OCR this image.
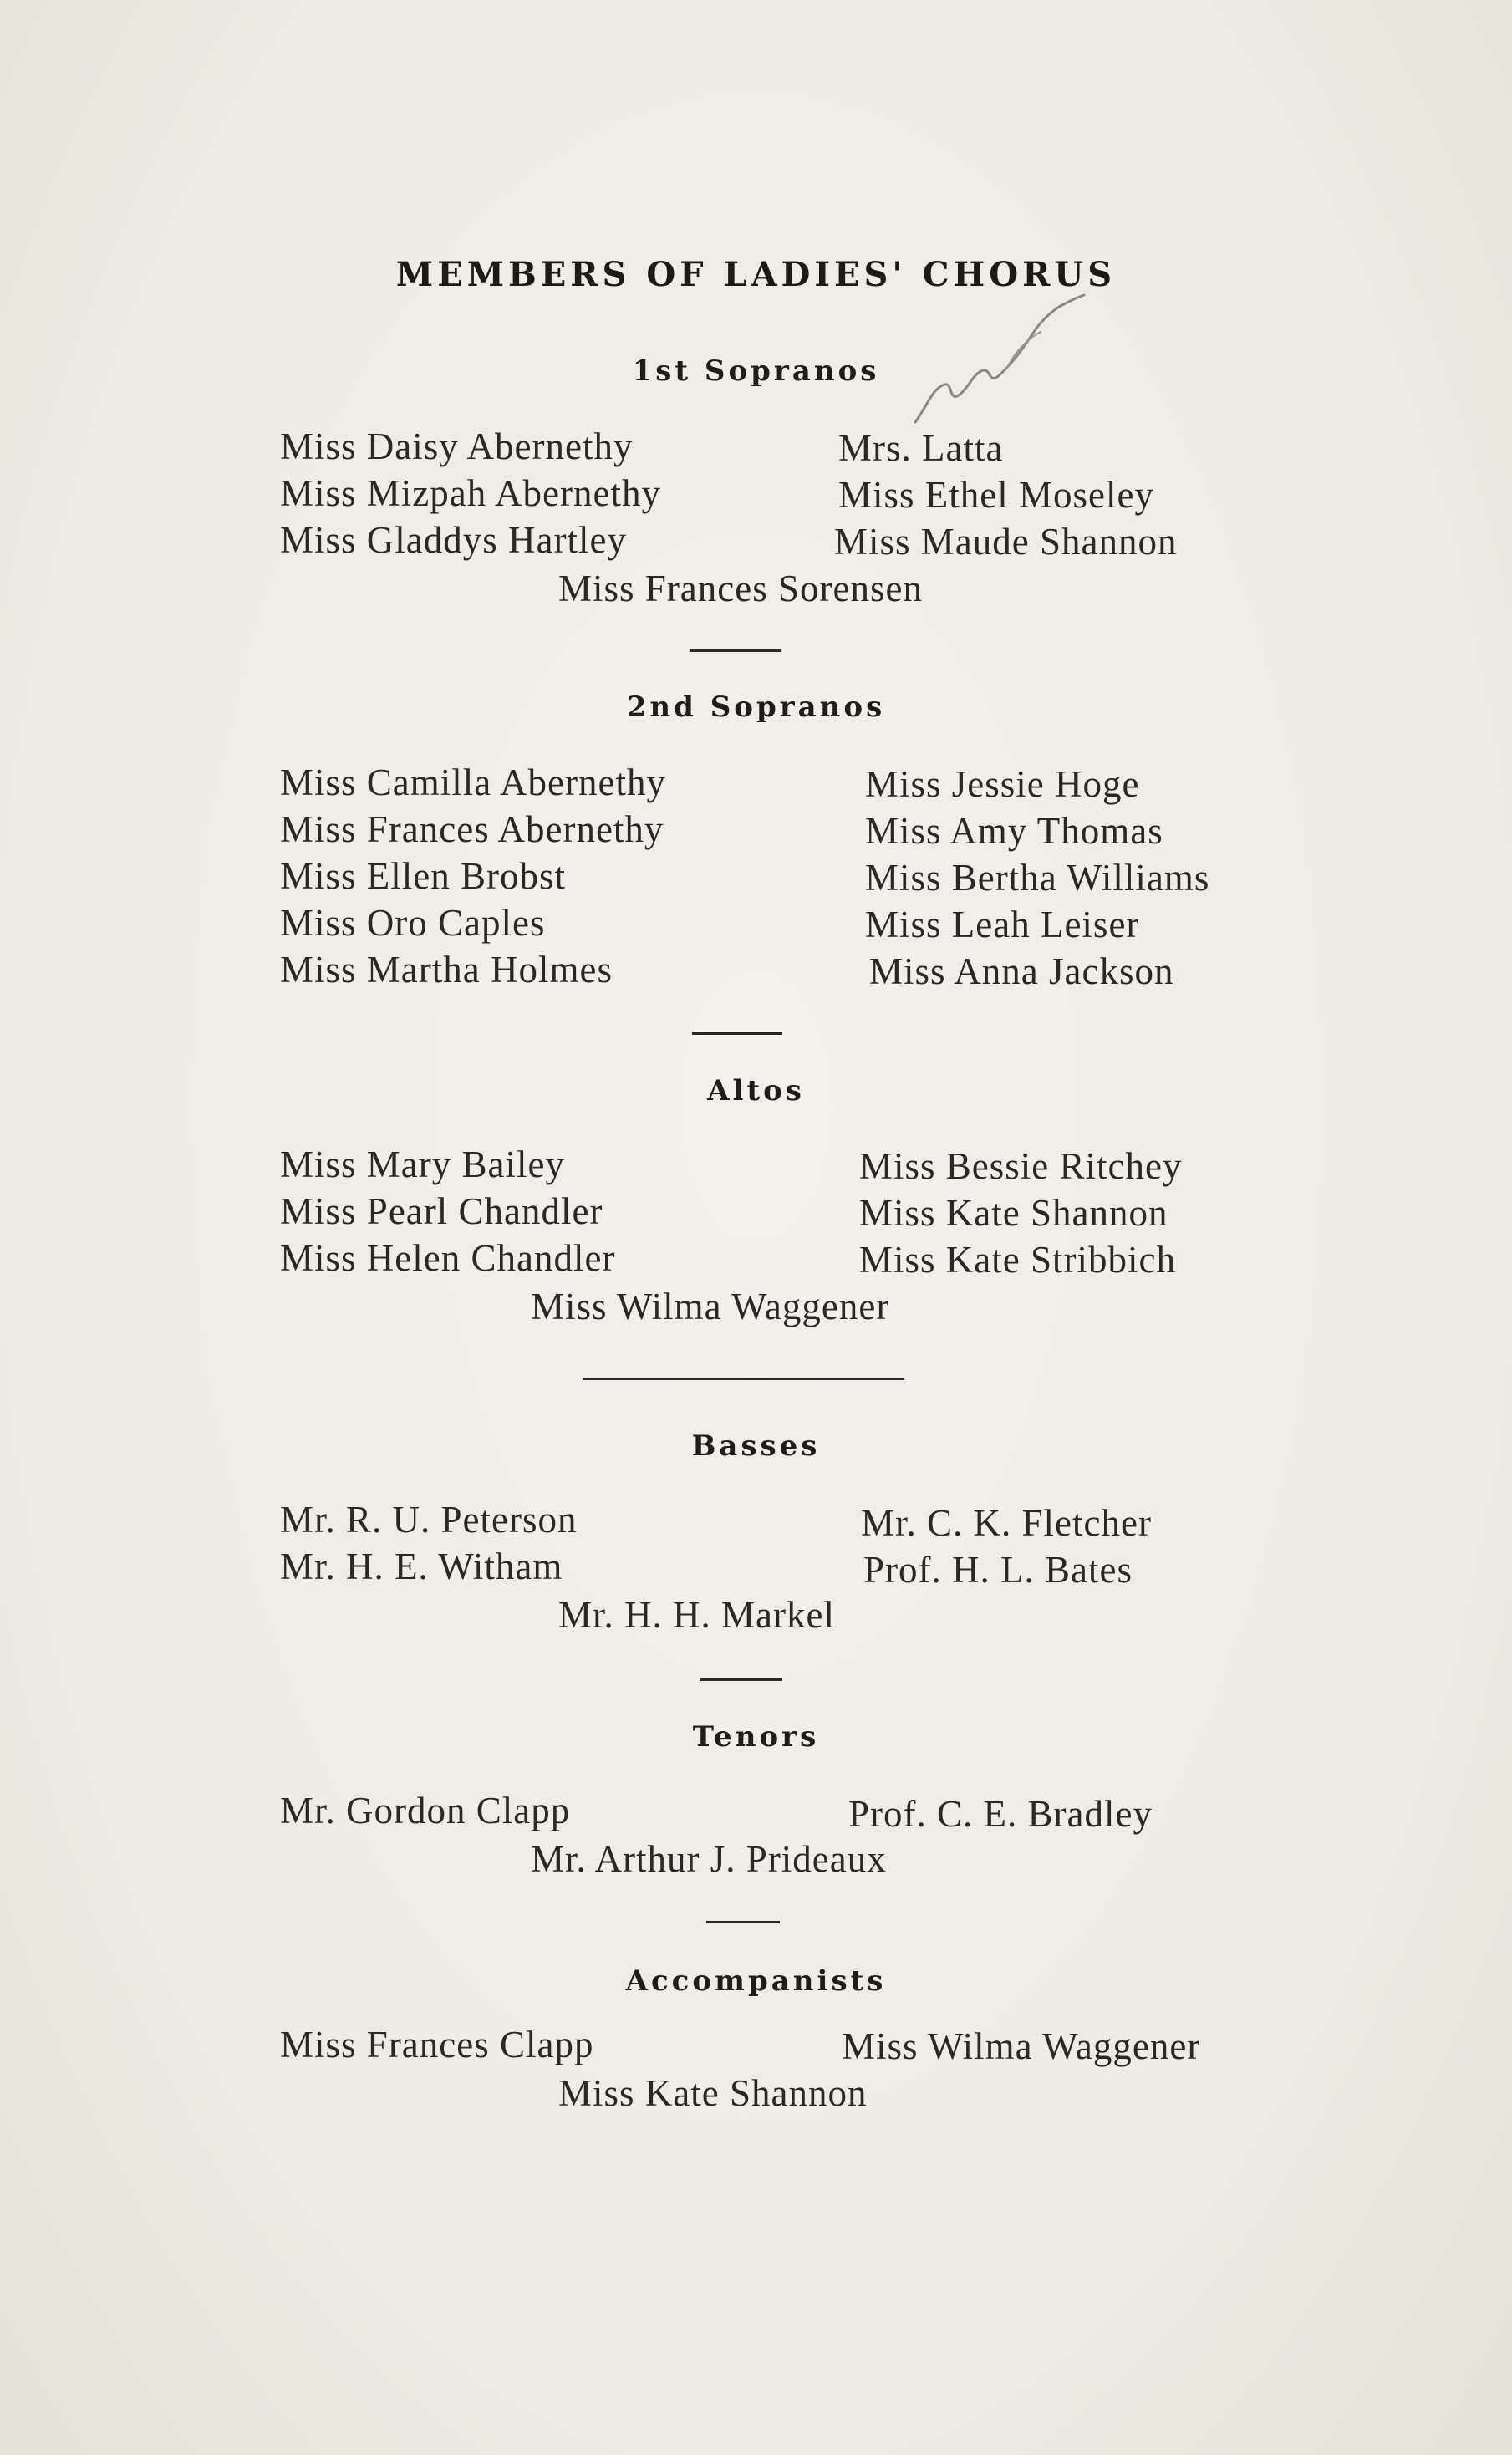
MEMBERS OF LADIES' CHORUS
1st Sopranos
Miss Daisy Abernethy
Miss Mizpah Abernethy
Miss Gladdys Hartley
Mrs. Latta
Miss Ethel Moseley
Miss Maude Shannon
Miss Frances Sorensen
2nd Sopranos
Miss Camilla Abernethy
Miss Frances Abernethy
Miss Ellen Brobst
Miss Oro Caples
Miss Martha Holmes
Miss Jessie Hoge
Miss Amy Thomas
Miss Bertha Williams
Miss Leah Leiser
Miss Anna Jackson
Altos
Miss Mary Bailey
Miss Pearl Chandler
Miss Helen Chandler
Miss Bessie Ritchey
Miss Kate Shannon
Miss Kate Stribbich
Miss Wilma Waggener
Basses
Mr. R. U. Peterson
Mr. H. E. Witham
Mr. C. K. Fletcher
Prof. H. L. Bates
Mr. H. H. Markel
Tenors
Mr. Gordon Clapp	Prof. C. E. Bradley
Mr. Arthur J. Prideaux
Accompanists
Miss Frances Clapp	Miss Wilma Waggener
Miss Kate Shannon
